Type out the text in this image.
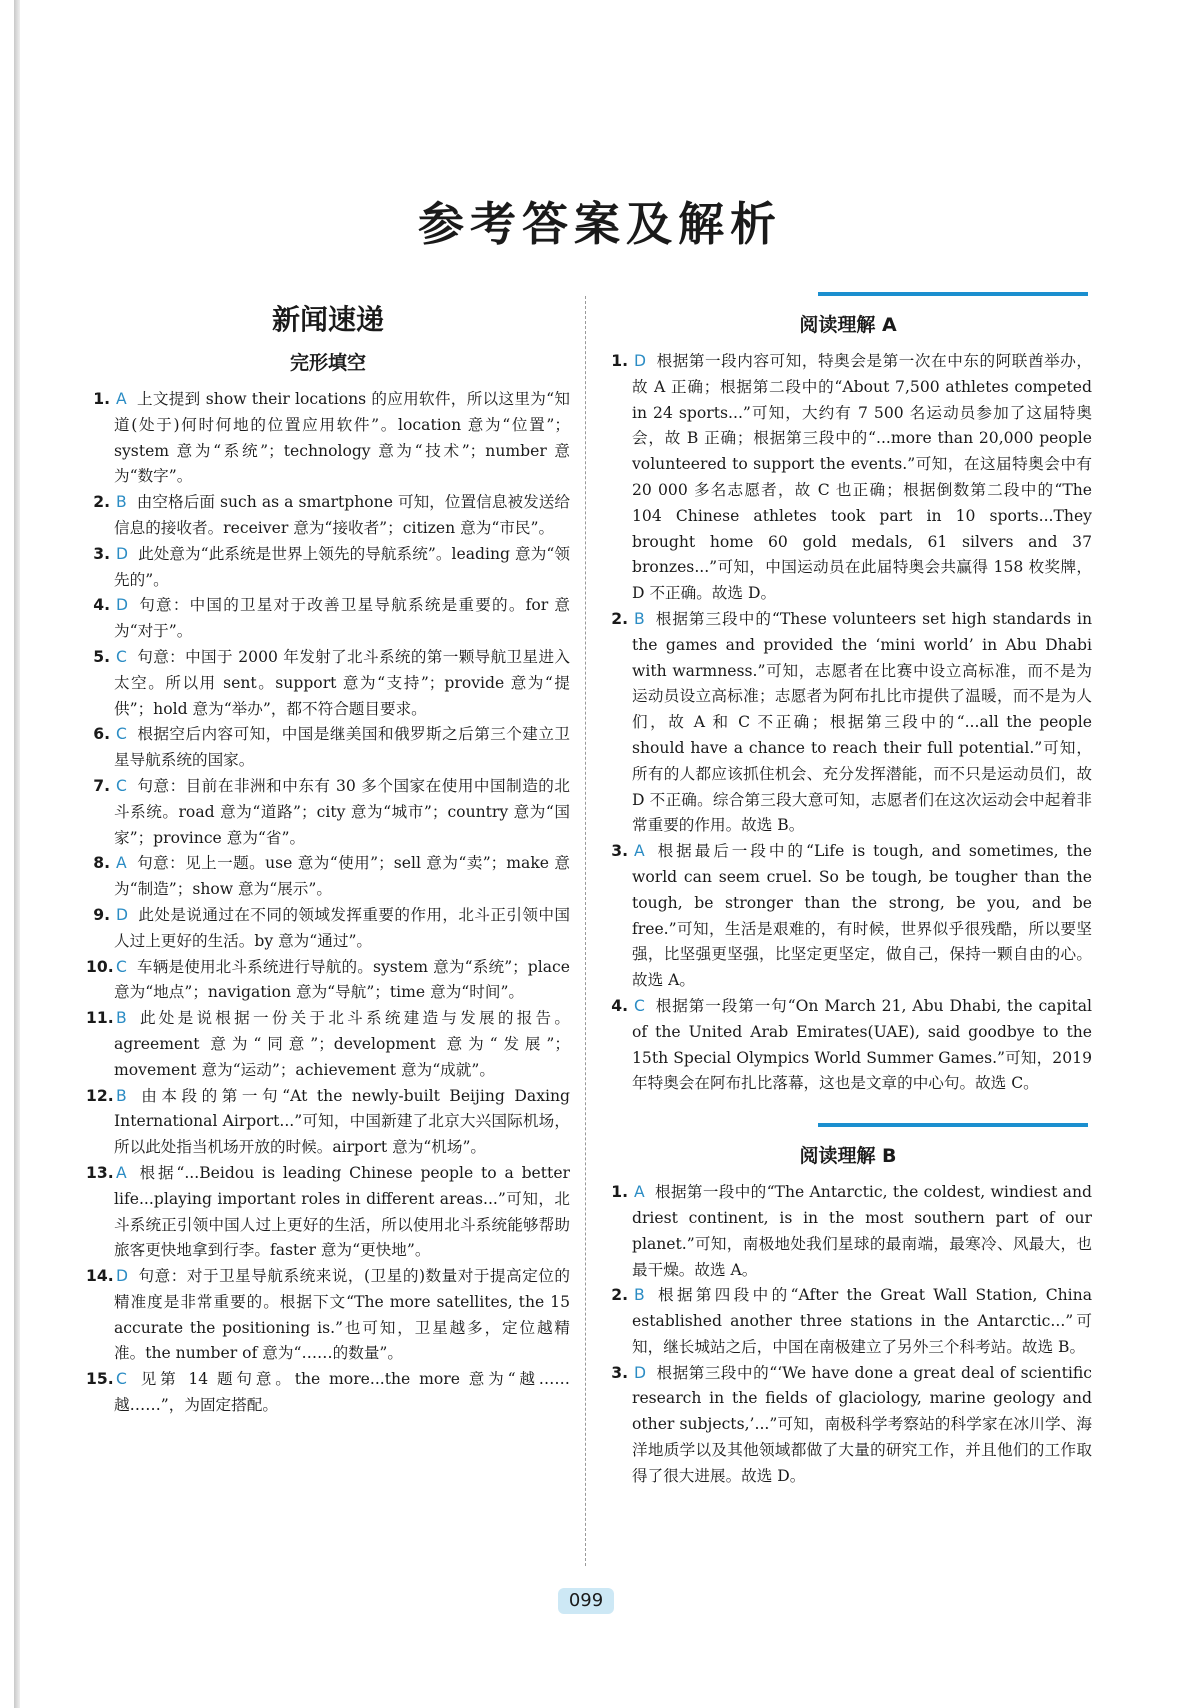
参考答案及解析
新闻速递
完形填空
1. A 上文提到 show their locations 的应用软件，所以这里为“知道(处于)何时何地的位置应用软件”。location 意为“位置”；system 意为“系统”；technology 意为“技术”；number 意为“数字”。
2. B 由空格后面 such as a smartphone 可知，位置信息被发送给信息的接收者。receiver 意为“接收者”；citizen 意为“市民”。
3. D 此处意为“此系统是世界上领先的导航系统”。leading 意为“领先的”。
4. D 句意：中国的卫星对于改善卫星导航系统是重要的。for 意为“对于”。
5. C 句意：中国于 2000 年发射了北斗系统的第一颗导航卫星进入太空。所以用 sent。support 意为“支持”；provide 意为“提供”；hold 意为“举办”，都不符合题目要求。
6. C 根据空后内容可知，中国是继美国和俄罗斯之后第三个建立卫星导航系统的国家。
7. C 句意：目前在非洲和中东有 30 多个国家在使用中国制造的北斗系统。road 意为“道路”；city 意为“城市”；country 意为“国家”；province 意为“省”。
8. A 句意：见上一题。use 意为“使用”；sell 意为“卖”；make 意为“制造”；show 意为“展示”。
9. D 此处是说通过在不同的领域发挥重要的作用，北斗正引领中国人过上更好的生活。by 意为“通过”。
10. C 车辆是使用北斗系统进行导航的。system 意为“系统”；place 意为“地点”；navigation 意为“导航”；time 意为“时间”。
11. B 此处是说根据一份关于北斗系统建造与发展的报告。agreement 意为“同意”；development 意为“发展”；movement 意为“运动”；achievement 意为“成就”。
12. B 由本段的第一句“At the newly-built Beijing Daxing International Airport...”可知，中国新建了北京大兴国际机场，所以此处指当机场开放的时候。airport 意为“机场”。
13. A 根据“...Beidou is leading Chinese people to a better life...playing important roles in different areas...”可知，北斗系统正引领中国人过上更好的生活，所以使用北斗系统能够帮助旅客更快地拿到行李。faster 意为“更快地”。
14. D 句意：对于卫星导航系统来说，(卫星的)数量对于提高定位的精准度是非常重要的。根据下文“The more satellites, the 15 accurate the positioning is.”也可知，卫星越多，定位越精准。the number of 意为“……的数量”。
15. C 见第 14 题句意。the more...the more 意为“越……越……”，为固定搭配。
阅读理解 A
1. D 根据第一段内容可知，特奥会是第一次在中东的阿联酋举办，故 A 正确；根据第二段中的“About 7,500 athletes competed in 24 sports...”可知，大约有 7 500 名运动员参加了这届特奥会，故 B 正确；根据第三段中的“...more than 20,000 people volunteered to support the events.”可知，在这届特奥会中有 20 000 多名志愿者，故 C 也正确；根据倒数第二段中的“The 104 Chinese athletes took part in 10 sports...They brought home 60 gold medals, 61 silvers and 37 bronzes...”可知，中国运动员在此届特奥会共赢得 158 枚奖牌，D 不正确。故选 D。
2. B 根据第三段中的“These volunteers set high standards in the games and provided the ‘mini world’ in Abu Dhabi with warmness.”可知，志愿者在比赛中设立高标准，而不是为运动员设立高标准；志愿者为阿布扎比市提供了温暖，而不是为人们，故 A 和 C 不正确；根据第三段中的“...all the people should have a chance to reach their full potential.”可知，所有的人都应该抓住机会、充分发挥潜能，而不只是运动员们，故 D 不正确。综合第三段大意可知，志愿者们在这次运动会中起着非常重要的作用。故选 B。
3. A 根据最后一段中的“Life is tough, and sometimes, the world can seem cruel. So be tough, be tougher than the tough, be stronger than the strong, be you, and be free.”可知，生活是艰难的，有时候，世界似乎很残酷，所以要坚强，比坚强更坚强，比坚定更坚定，做自己，保持一颗自由的心。故选 A。
4. C 根据第一段第一句“On March 21, Abu Dhabi, the capital of the United Arab Emirates(UAE), said goodbye to the 15th Special Olympics World Summer Games.”可知，2019 年特奥会在阿布扎比落幕，这也是文章的中心句。故选 C。
阅读理解 B
1. A 根据第一段中的“The Antarctic, the coldest, windiest and driest continent, is in the most southern part of our planet.”可知，南极地处我们星球的最南端，最寒冷、风最大，也最干燥。故选 A。
2. B 根据第四段中的“After the Great Wall Station, China established another three stations in the Antarctic...”可知，继长城站之后，中国在南极建立了另外三个科考站。故选 B。
3. D 根据第三段中的“‘We have done a great deal of scientific research in the fields of glaciology, marine geology and other subjects,’...”可知，南极科学考察站的科学家在冰川学、海洋地质学以及其他领域都做了大量的研究工作，并且他们的工作取得了很大进展。故选 D。
099
